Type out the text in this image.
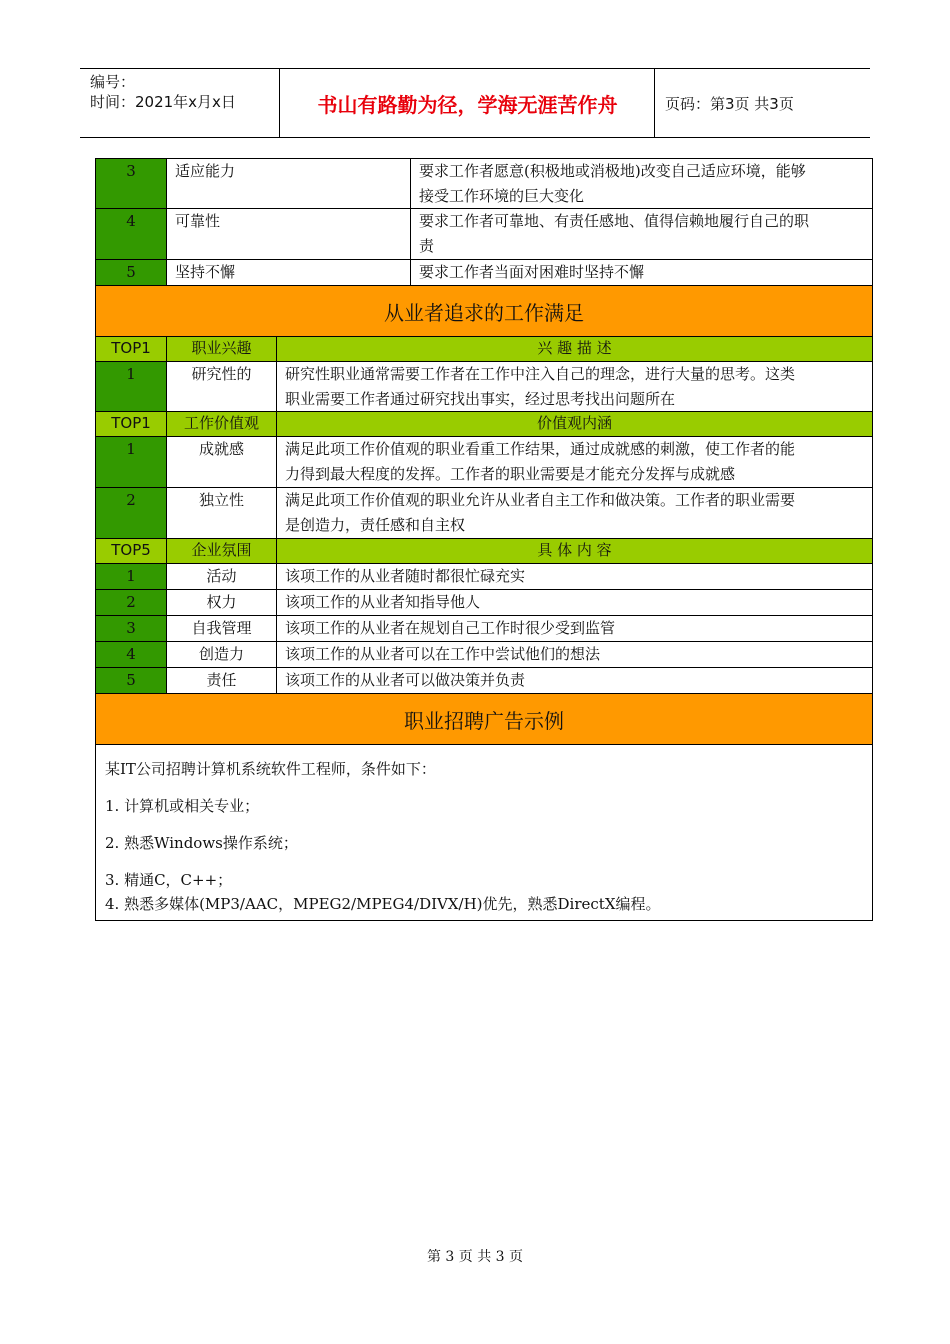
编号：
时间：2021年x月x日	书山有路勤为径，学海无涯苦作舟	页码：第3页 共3页
3	适应能力	要求工作者愿意(积极地或消极地)改变自己适应环境，能够
接受工作环境的巨大变化
4	可靠性	要求工作者可靠地、有责任感地、值得信赖地履行自己的职
责
5	坚持不懈	要求工作者当面对困难时坚持不懈
从业者追求的工作满足
TOP1	职业兴趣	兴 趣 描 述
1	研究性的	研究性职业通常需要工作者在工作中注入自己的理念，进行大量的思考。这类
职业需要工作者通过研究找出事实，经过思考找出问题所在
TOP1	工作价值观	价值观内涵
1	成就感	满足此项工作价值观的职业看重工作结果，通过成就感的刺激，使工作者的能
力得到最大程度的发挥。工作者的职业需要是才能充分发挥与成就感
2	独立性	满足此项工作价值观的职业允许从业者自主工作和做决策。工作者的职业需要
是创造力，责任感和自主权
TOP5	企业氛围	具 体 内 容
1	活动	该项工作的从业者随时都很忙碌充实
2	权力	该项工作的从业者知指导他人
3	自我管理	该项工作的从业者在规划自己工作时很少受到监管
4	创造力	该项工作的从业者可以在工作中尝试他们的想法
5	责任	该项工作的从业者可以做决策并负责
职业招聘广告示例

某IT公司招聘计算机系统软件工程师，条件如下：

1. 计算机或相关专业；

2. 熟悉Windows操作系统；

3. 精通C，C++；

4. 熟悉多媒体(MP3/AAC，MPEG2/MPEG4/DIVX/H)优先，熟悉DirectX编程。

第 3 页 共 3 页
